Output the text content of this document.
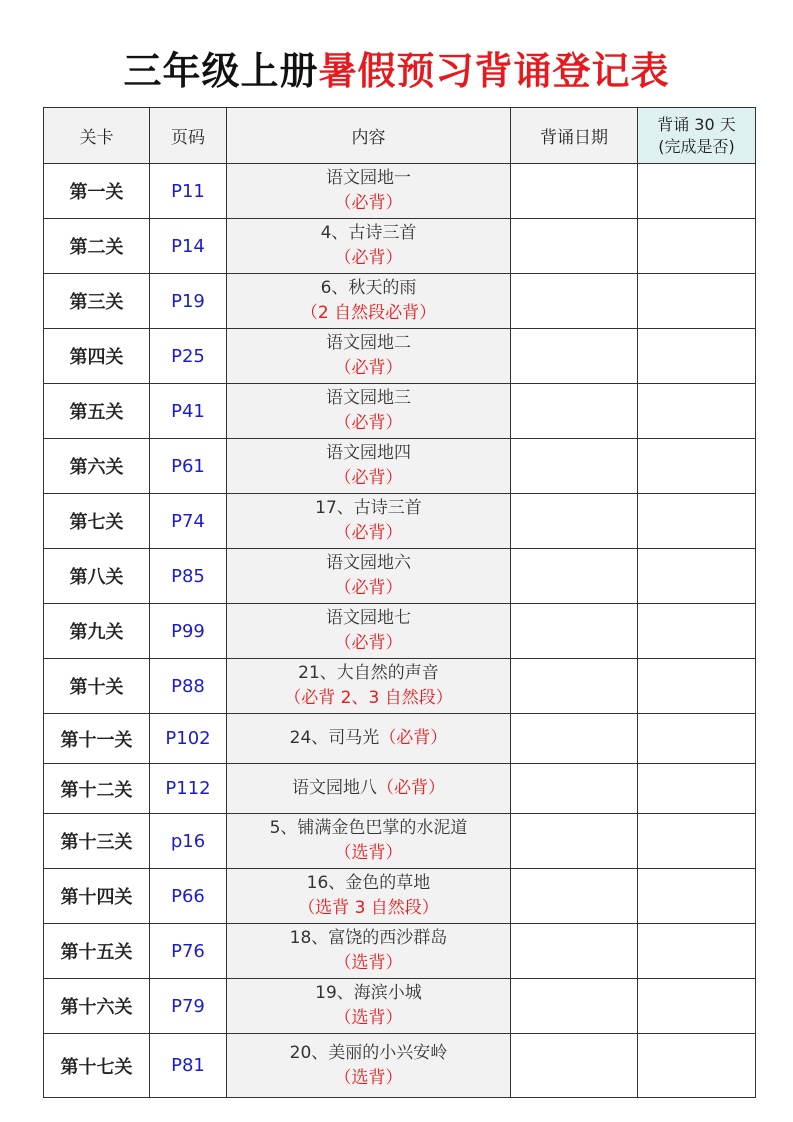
三年级上册暑假预习背诵登记表
关卡	页码	内容	背诵日期	背诵 30 天
(完成是否)

第一关	P11	语文园地一
（必背）		

第二关	P14	4、古诗三首
（必背）		

第三关	P19	6、秋天的雨
（2 自然段必背）		

第四关	P25	语文园地二
（必背）		

第五关	P41	语文园地三
（必背）		

第六关	P61	语文园地四
（必背）		

第七关	P74	17、古诗三首
（必背）		

第八关	P85	语文园地六
（必背）		

第九关	P99	语文园地七
（必背）		

第十关	P88	21、大自然的声音
（必背 2、3 自然段）		

第十一关	P102	24、司马光（必背）		
第十二关	P112	语文园地八（必背）		
第十三关	p16	5、铺满金色巴掌的水泥道
（选背）		

第十四关	P66	16、金色的草地
（选背 3 自然段）		

第十五关	P76	18、富饶的西沙群岛
（选背）		

第十六关	P79	19、海滨小城
（选背）		

第十七关	P81	20、美丽的小兴安岭
（选背）		
